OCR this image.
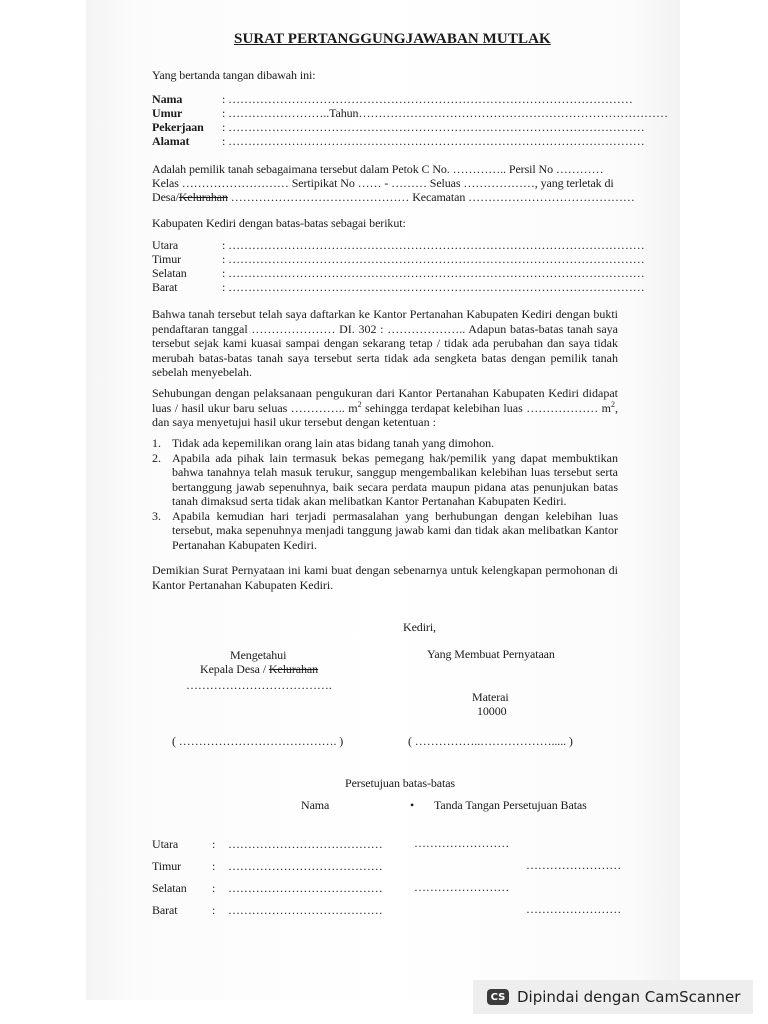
SURAT PERTANGGUNGJAWABAN MUTLAK
Yang bertanda tangan dibawah ini:
Nama	: …………………………………………………………………………………………
Umur	: ……………………..Tahun……………………………………………………………………
Pekerjaan : ……………………………………………………………………………………………
Alamat	: ……………………………………………………………………………………………
Adalah pemilik tanah sebagaimana tersebut dalam Petok C No. ………….. Persil No …………
Kelas ……………………… Sertipikat No …… - ……… Seluas ………………, yang terletak di
Desa/Kelurahan ……………………………………… Kecamatan ……………………………………
Kabupaten Kediri dengan batas-batas sebagai berikut:
Utara	: ……………………………………………………………………………………………
Timur	: ……………………………………………………………………………………………
Selatan	: ……………………………………………………………………………………………
Barat	: ……………………………………………………………………………………………
Bahwa tanah tersebut telah saya daftarkan ke Kantor Pertanahan Kabupaten Kediri dengan bukti pendaftaran tanggal ………………… DI. 302 : ……………….. Adapun batas-batas tanah saya tersebut sejak kami kuasai sampai dengan sekarang tetap / tidak ada perubahan dan saya tidak merubah batas-batas tanah saya tersebut serta tidak ada sengketa batas dengan pemilik tanah sebelah menyebelah.
Sehubungan dengan pelaksanaan pengukuran dari Kantor Pertanahan Kabupaten Kediri didapat luas / hasil ukur baru seluas ………….. $m^2$ sehingga terdapat kelebihan luas ……………… $m^2$, dan saya menyetujui hasil ukur tersebut dengan ketentuan :
1. Tidak ada kepemilikan orang lain atas bidang tanah yang dimohon.
2. Apabila ada pihak lain termasuk bekas pemegang hak/pemilik yang dapat membuktikan bahwa tanahnya telah masuk terukur, sanggup mengembalikan kelebihan luas tersebut serta bertanggung jawab sepenuhnya, baik secara perdata maupun pidana atas penunjukan batas tanah dimaksud serta tidak akan melibatkan Kantor Pertanahan Kabupaten Kediri.
3. Apabila kemudian hari terjadi permasalahan yang berhubungan dengan kelebihan luas tersebut, maka sepenuhnya menjadi tanggung jawab kami dan tidak akan melibatkan Kantor Pertanahan Kabupaten Kediri.
Demikian Surat Pernyataan ini kami buat dengan sebenarnya untuk kelengkapan permohonan di Kantor Pertanahan Kabupaten Kediri.
Kediri,
Mengetahui
Kepala Desa / Kelurahan
……………………………….
Yang Membuat Pernyataan
Materai
10000
( …………………………………. )	( ……………..………………..... )
Persetujuan batas-batas
Nama	• Tanda Tangan Persetujuan Batas
Utara	: …………………………………	……………………
Timur	: …………………………………	……………………
Selatan : …………………………………	……………………
Barat	: …………………………………	……………………
CS Dipindai dengan CamScanner
